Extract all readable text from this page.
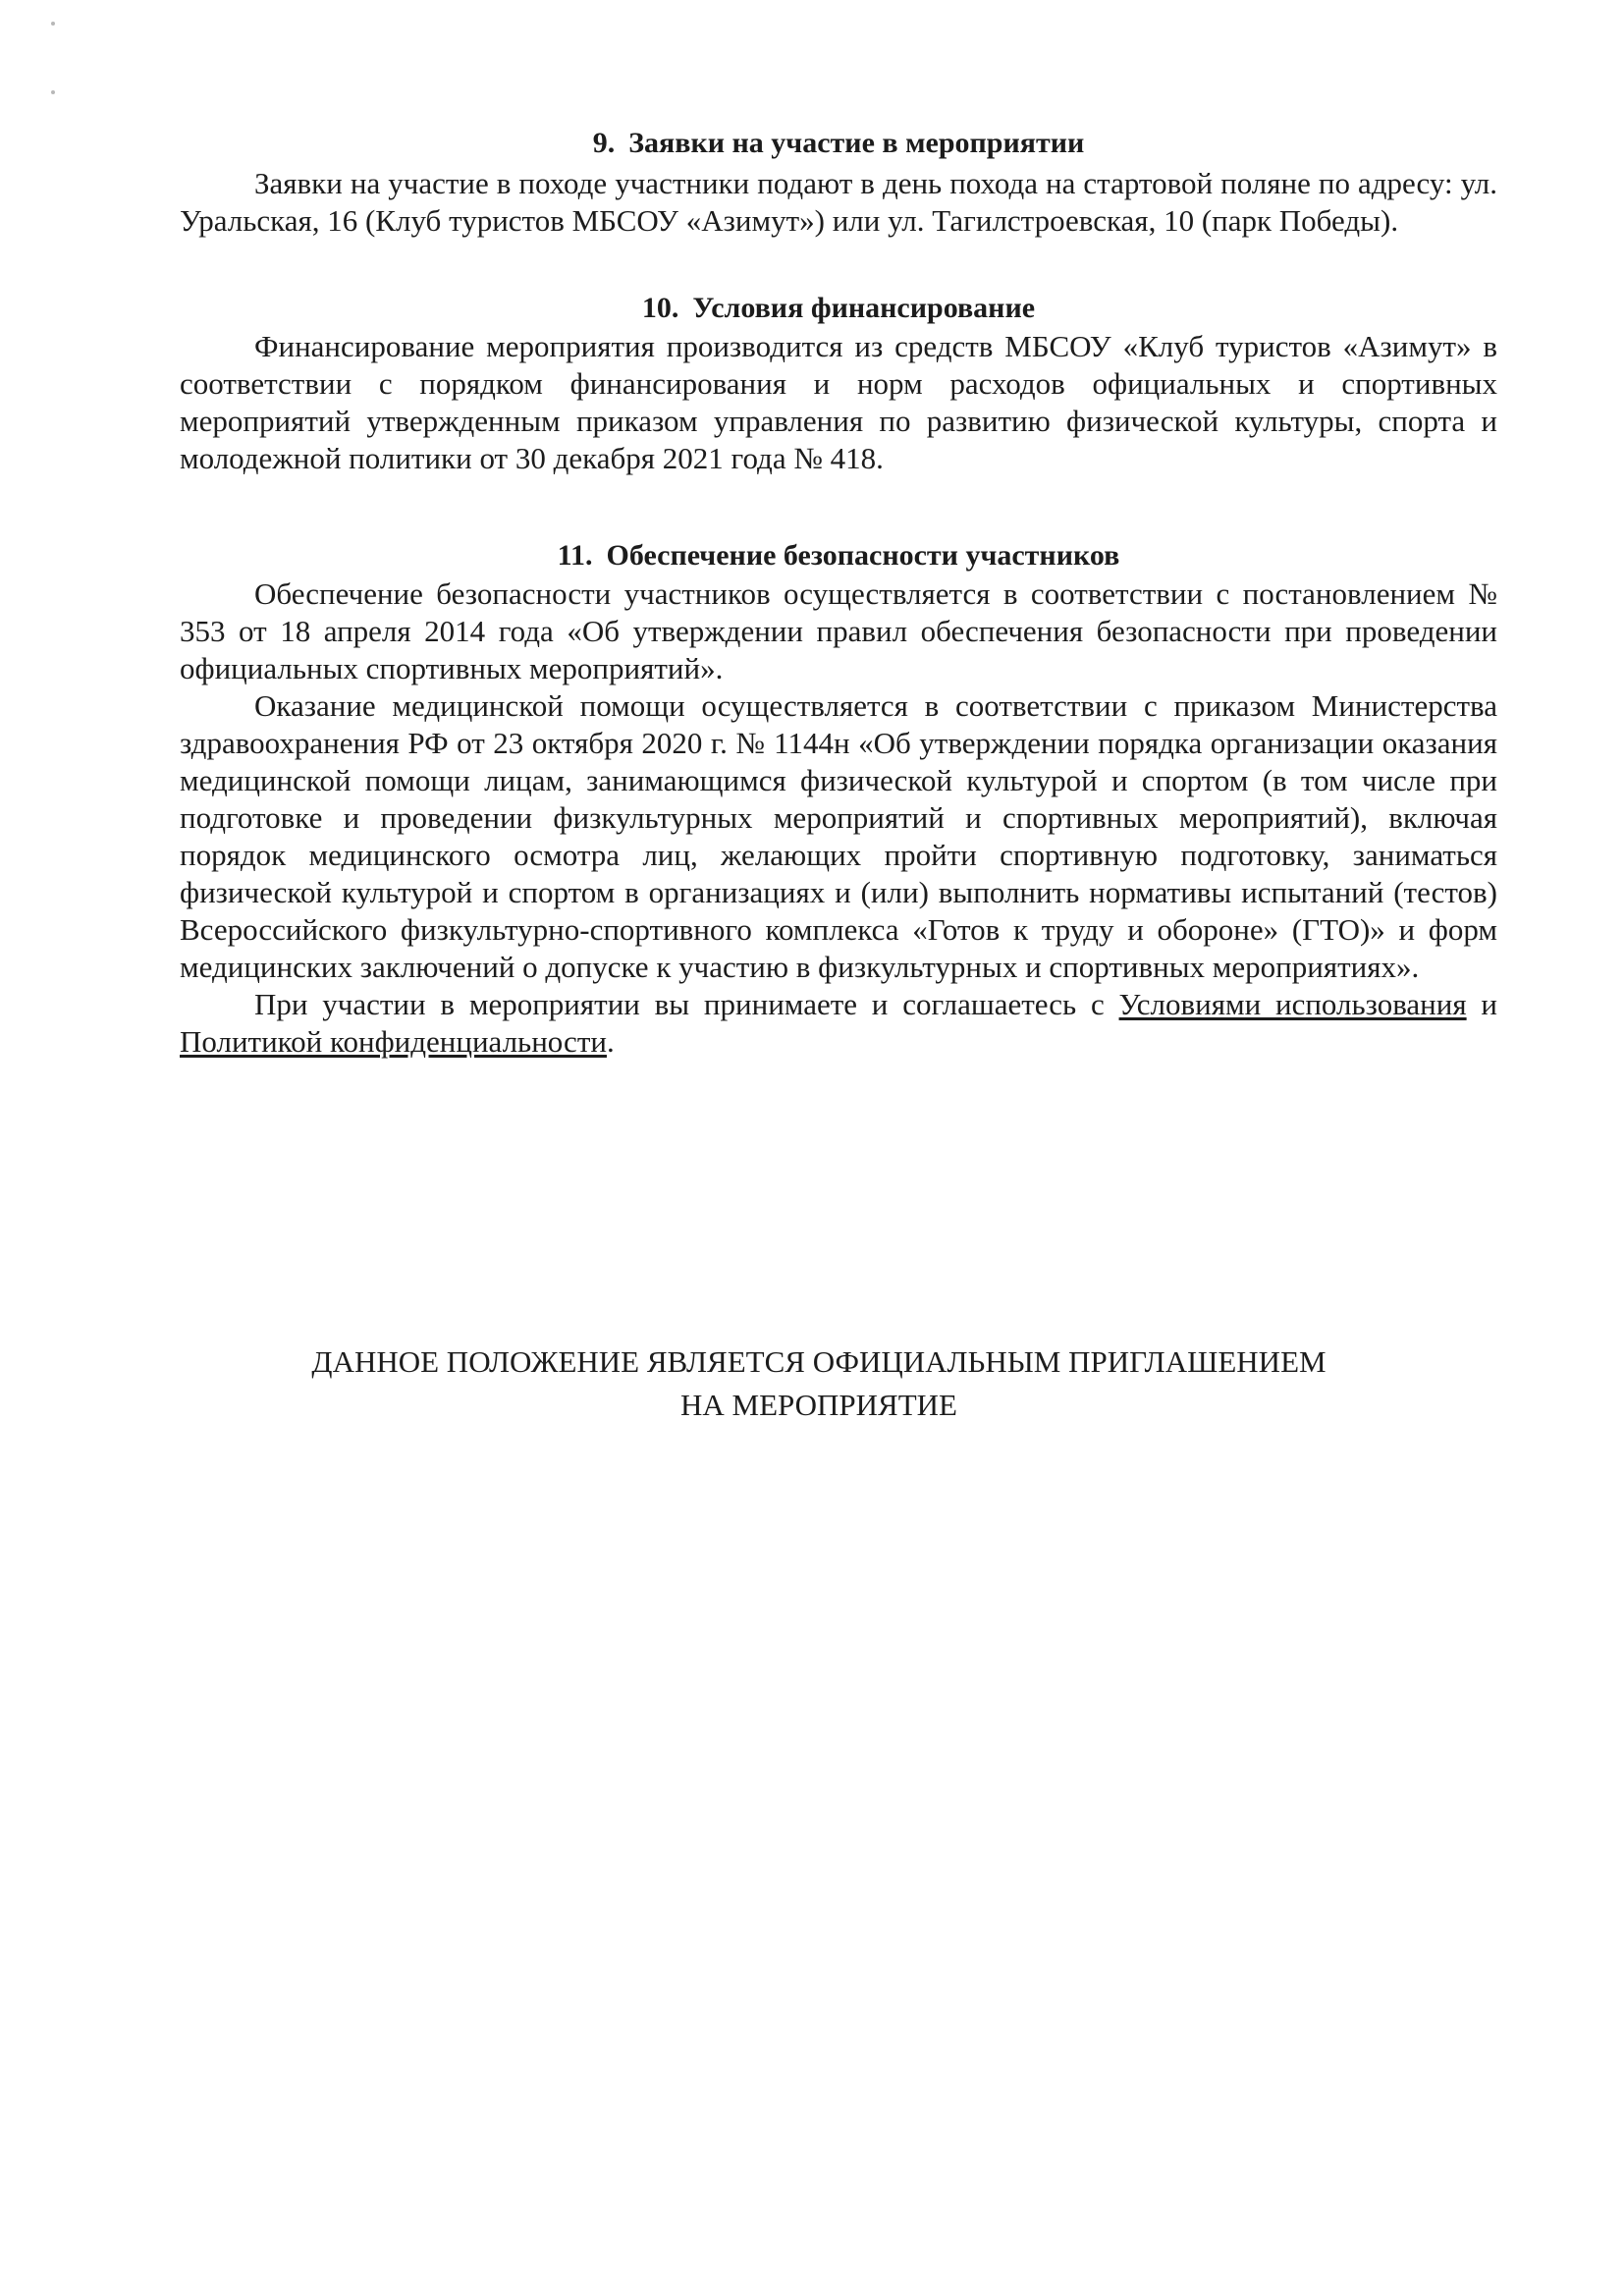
9. Заявки на участие в мероприятии

Заявки на участие в походе участники подают в день похода на стартовой поляне по адресу: ул. Уральская, 16 (Клуб туристов МБСОУ «Азимут») или ул. Тагилстроевская, 10 (парк Победы).

10. Условия финансирование

Финансирование мероприятия производится из средств МБСОУ «Клуб туристов «Азимут» в соответствии с порядком финансирования и норм расходов официальных и спортивных мероприятий утвержденным приказом управления по развитию физической культуры, спорта и молодежной политики от 30 декабря 2021 года № 418.

11. Обеспечение безопасности участников

Обеспечение безопасности участников осуществляется в соответствии с постановлением № 353 от 18 апреля 2014 года «Об утверждении правил обеспечения безопасности при проведении официальных спортивных мероприятий».

Оказание медицинской помощи осуществляется в соответствии с приказом Министерства здравоохранения РФ от 23 октября 2020 г. № 1144н «Об утверждении порядка организации оказания медицинской помощи лицам, занимающимся физической культурой и спортом (в том числе при подготовке и проведении физкультурных мероприятий и спортивных мероприятий), включая порядок медицинского осмотра лиц, желающих пройти спортивную подготовку, заниматься физической культурой и спортом в организациях и (или) выполнить нормативы испытаний (тестов) Всероссийского физкультурно-спортивного комплекса «Готов к труду и обороне» (ГТО)» и форм медицинских заключений о допуске к участию в физкультурных и спортивных мероприятиях».

При участии в мероприятии вы принимаете и соглашаетесь с Условиями использования и Политикой конфиденциальности.

ДАННОЕ ПОЛОЖЕНИЕ ЯВЛЯЕТСЯ ОФИЦИАЛЬНЫМ ПРИГЛАШЕНИЕМ
НА МЕРОПРИЯТИЕ
